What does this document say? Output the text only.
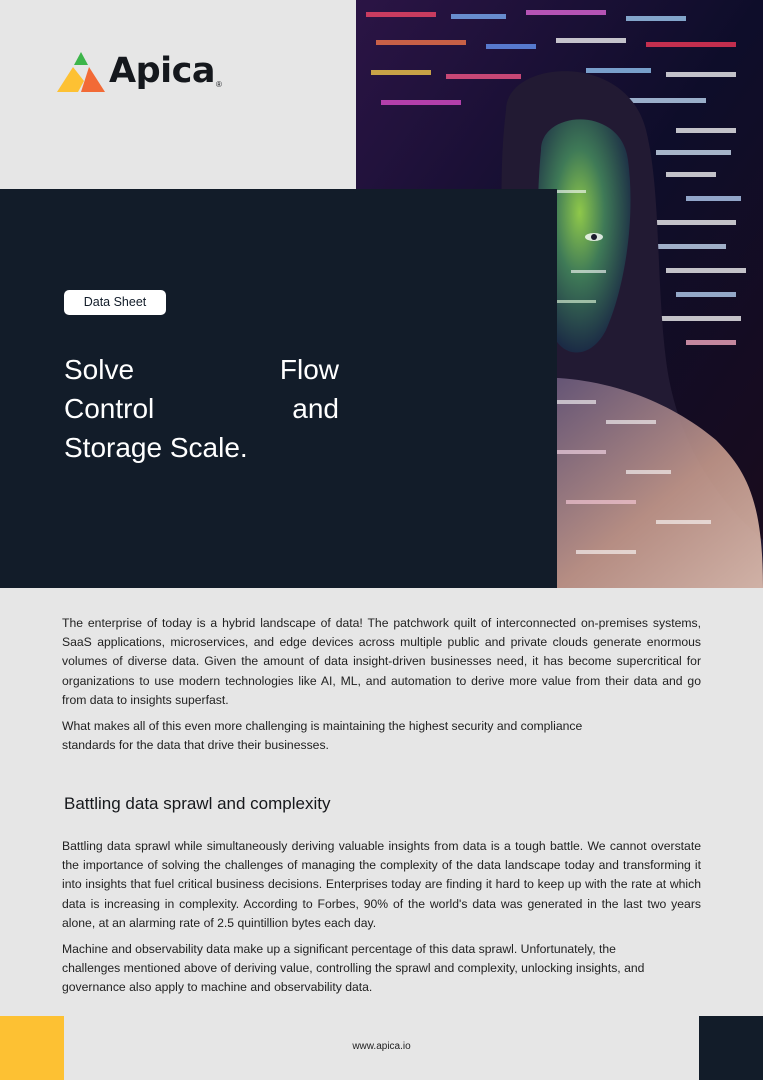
Apica ®
Data Sheet
Solve Flow
Control and
Storage Scale.

The enterprise of today is a hybrid landscape of data! The patchwork quilt of interconnected on-premises systems, SaaS applications, microservices, and edge devices across multiple public and private clouds generate enormous volumes of diverse data. Given the amount of data insight-driven businesses need, it has become supercritical for organizations to use modern technologies like AI, ML, and automation to derive more value from their data and go from data to insights superfast.

What makes all of this even more challenging is maintaining the highest security and compliance standards for the data that drive their businesses.

Battling data sprawl and complexity

Battling data sprawl while simultaneously deriving valuable insights from data is a tough battle. We cannot overstate the importance of solving the challenges of managing the complexity of the data landscape today and transforming it into insights that fuel critical business decisions. Enterprises today are finding it hard to keep up with the rate at which data is increasing in complexity. According to Forbes, 90% of the world's data was generated in the last two years alone, at an alarming rate of 2.5 quintillion bytes each day.

Machine and observability data make up a significant percentage of this data sprawl. Unfortunately, the challenges mentioned above of deriving value, controlling the sprawl and complexity, unlocking insights, and governance also apply to machine and observability data.

www.apica.io
